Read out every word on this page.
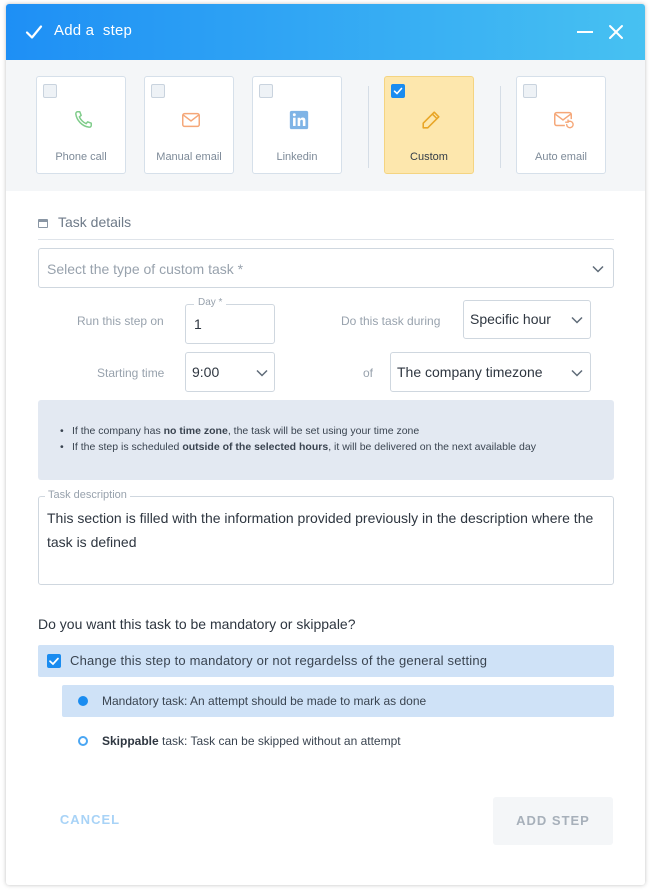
Add a  step
Phone call	Manual email	Linkedin	Custom	Auto email
Task details
Select the type of custom task *
Run this step on
Day *
1	Do this task during Specific hour
Starting time 9:00	of The company timezone
• If the company has no time zone, the task will be set using your time zone
• If the step is scheduled outside of the selected hours, it will be delivered on the next available day
Task description
This section is filled with the information provided previously in the description where the task is defined
Do you want this task to be mandatory or skippale?
Change this step to mandatory or not regardelss of the general setting
Mandatory task: An attempt should be made to mark as done
Skippable task: Task can be skipped without an attempt
CANCEL	ADD STEP
